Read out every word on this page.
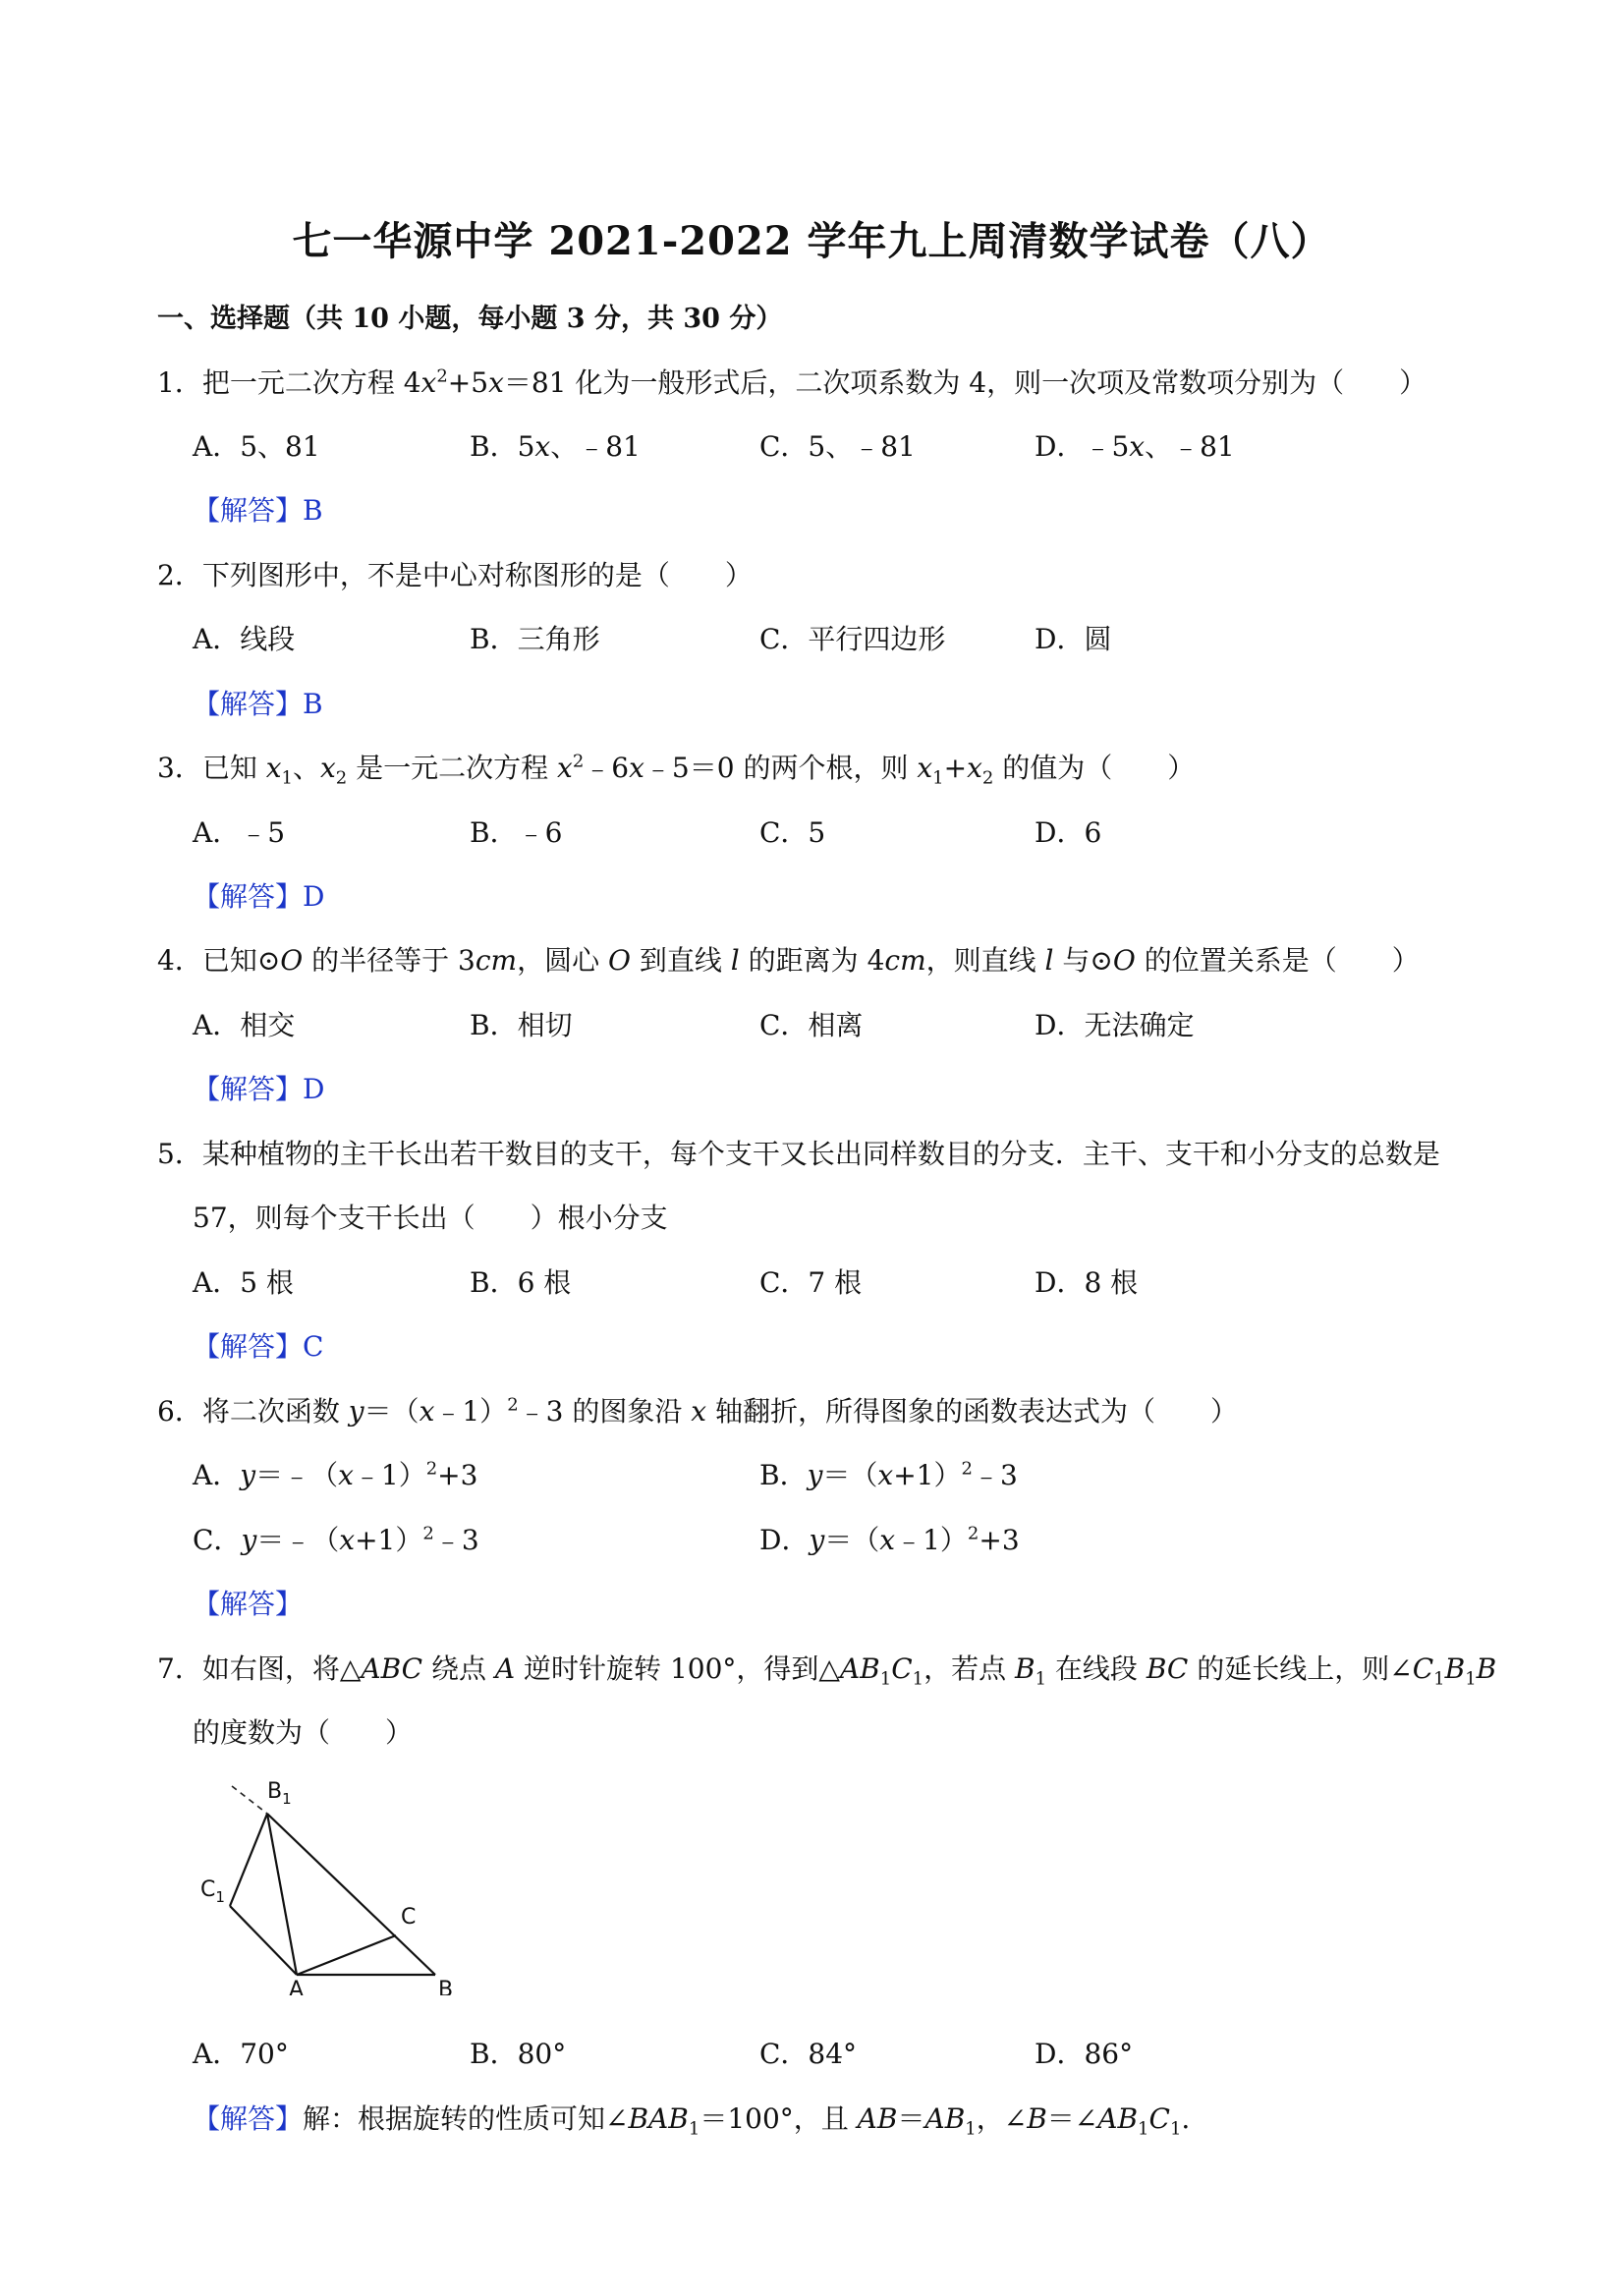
七一华源中学 2021-2022 学年九上周清数学试卷（八）
一、选择题（共 10 小题，每小题 3 分，共 30 分）
1．把一元二次方程 $4x^2+5x=81$ 化为一般形式后，二次项系数为 4，则一次项及常数项分别为（　　）
A．5、81	B．5x、﹣81	C．5、﹣81	D．﹣5x、﹣81
【解答】B
2．下列图形中，不是中心对称图形的是（　　）
A．线段	B．三角形	C．平行四边形	D．圆
【解答】B
3．已知 $x_1$、$x_2$ 是一元二次方程 $x^2﹣6x﹣5=0$ 的两个根，则 $x_1+x_2$ 的值为（　　）
A．﹣5	B．﹣6	C．5	D．6
【解答】D
4．已知⊙O 的半径等于 3cm，圆心 O 到直线 l 的距离为 4cm，则直线 l 与⊙O 的位置关系是（　　）
A．相交	B．相切	C．相离	D．无法确定
【解答】D
5．某种植物的主干长出若干数目的支干，每个支干又长出同样数目的分支．主干、支干和小分支的总数是
57，则每个支干长出（　　）根小分支
A．5 根	B．6 根	C．7 根	D．8 根
【解答】C
6．将二次函数 y＝（x﹣1）$^2$﹣3 的图象沿 x 轴翻折，所得图象的函数表达式为（　　）
A．y＝﹣（x﹣1）$^2$+3	B．$y=(x+1)^2﹣3$
C．$y=﹣(x+1)^2﹣3$	D．y＝（x﹣1）$^2$+3
【解答】
7．如右图，将△ABC 绕点 A 逆时针旋转 100°，得到$\triangle AB_1C_1$，若点 $B_1$ 在线段 BC 的延长线上，则$\angle C_1B_1B$
的度数为（　　）
$B_1$
$C_1$
C
A	B
A．70°	B．80°	C．84°	D．86°
【解答】解：根据旋转的性质可知$\angle BAB_1=100^\circ$，且 $AB=AB_1$，$\angle B=\angle AB_1C_1$.
